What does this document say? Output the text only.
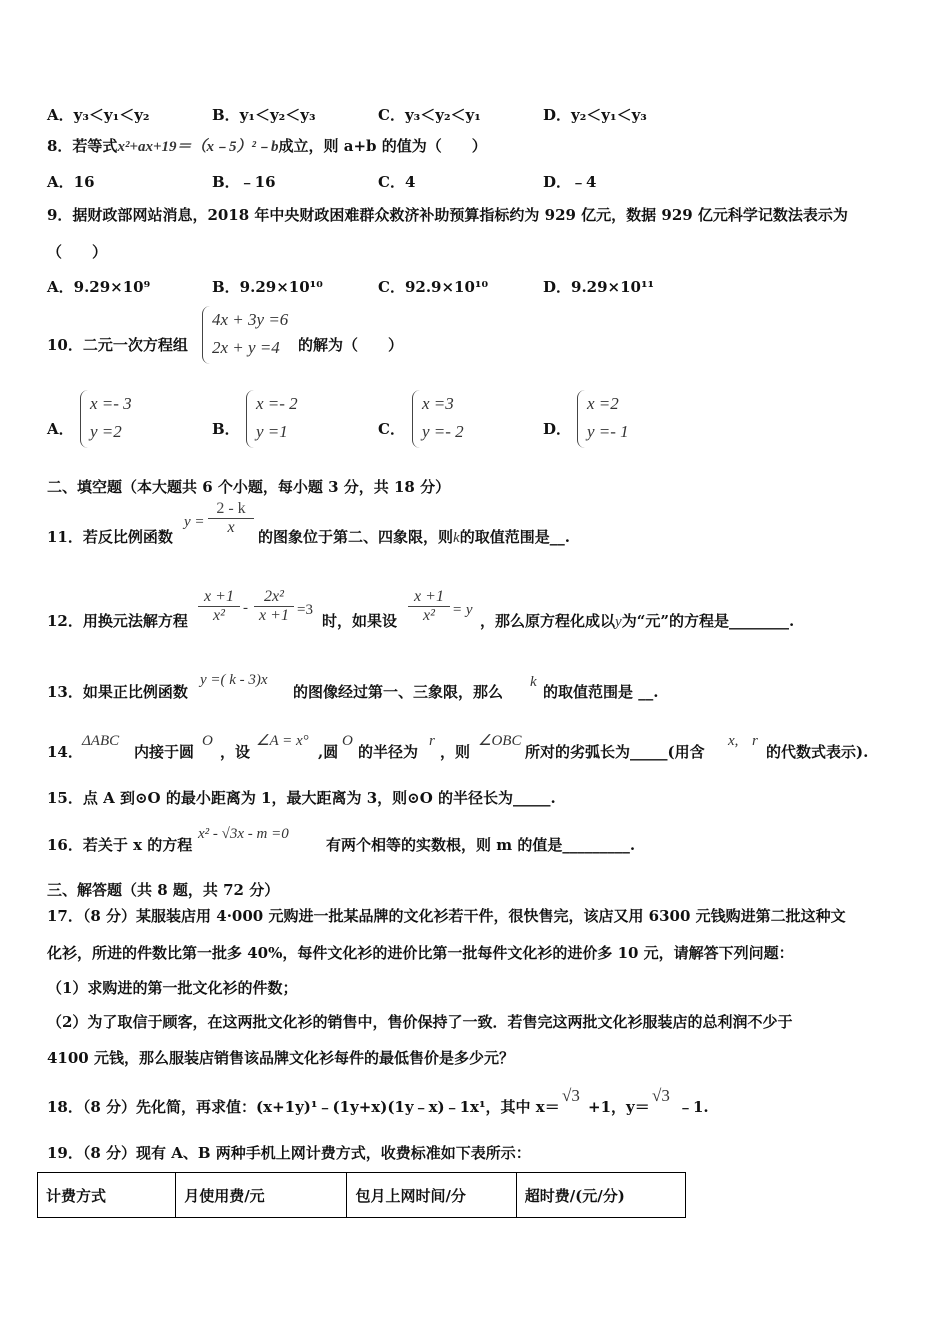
A．y₃＜y₁＜y₂	B．y₁＜y₂＜y₃	C．y₃＜y₂＜y₁	D．y₂＜y₁＜y₃
8．若等式x²+ax+19＝（x﹣5）²﹣b成立，则 a+b 的值为（　　）
A．16	B．﹣16	C．4	D．﹣4
9．据财政部网站消息，2018 年中央财政困难群众救济补助预算指标约为 929 亿元，数据 929 亿元科学记数法表示为
（　　）
A．9.29×10⁹	B．9.29×10¹⁰	C．92.9×10¹⁰	D．9.29×10¹¹
10．二元一次方程组
4x + 3y =6
2x + y =4	的解为（　　）
A．
x =- 3
y =2	B．
x =- 2
y =1	C．
x =3
y =- 2	D．
x =2
y =- 1
二、填空题（本大题共 6 个小题，每小题 3 分，共 18 分）
11．若反比例函数
y =
2 - k
x
的图象位于第二、四象限，则k的取值范围是__.
12．用换元法解方程
x +1
x²	-
2x²
x +1 =3
时，如果设
x +1
x²	= y
，那么原方程化成以y为“元”的方程是________.
13．如果正比例函数
y =( k - 3)x
的图像经过第一、三象限，那么
k
的取值范围是 __.
14．
ΔABC
内接于圆
O
，设
∠A = x°
,圆
O
的半径为
r
，则
∠OBC
所对的劣弧长为_____(用含
x, r
的代数式表示).
15．点 A 到⊙O 的最小距离为 1，最大距离为 3，则⊙O 的半径长为_____.
16．若关于 x 的方程
x² - √3x - m =0
有两个相等的实数根，则 m 的值是_________.
三、解答题（共 8 题，共 72 分）
17．（8 分）某服装店用 4·000 元购进一批某品牌的文化衫若干件，很快售完，该店又用 6300 元钱购进第二批这种文
化衫，所进的件数比第一批多 40%，每件文化衫的进价比第一批每件文化衫的进价多 10 元，请解答下列问题：
（1）求购进的第一批文化衫的件数；
（2）为了取信于顾客，在这两批文化衫的销售中，售价保持了一致．若售完这两批文化衫服装店的总利润不少于
4100 元钱，那么服装店销售该品牌文化衫每件的最低售价是多少元？
18．（8 分）先化简，再求值：(x+1y)¹﹣(1y+x)(1y﹣x)﹣1x¹，其中 x＝
√3
+1，y＝
√3
﹣1.
19．（8 分）现有 A、B 两种手机上网计费方式，收费标准如下表所示：
计费方式	月使用费/元	包月上网时间/分	超时费/(元/分)
